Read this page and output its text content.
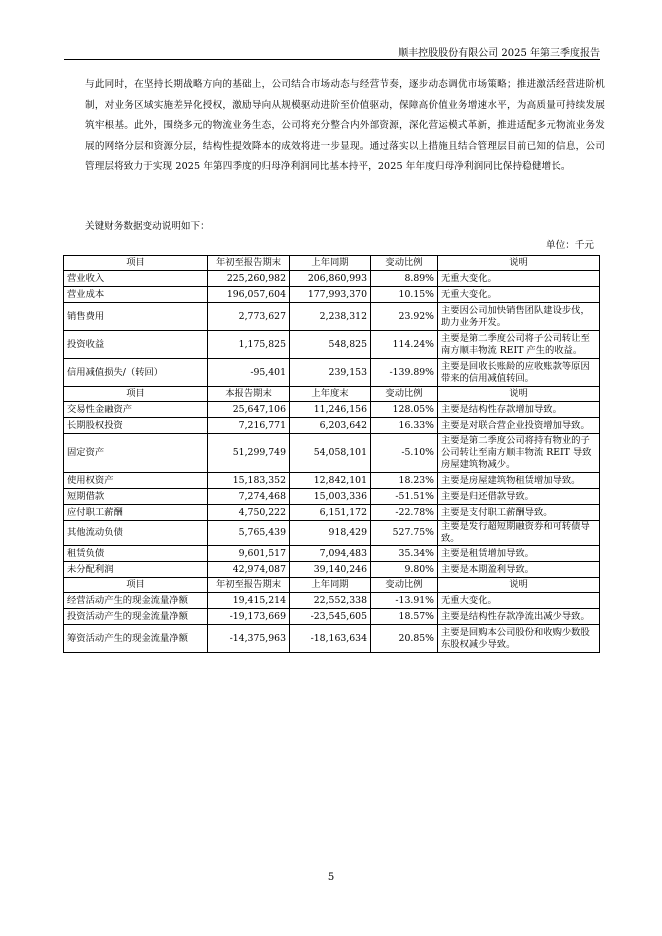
顺丰控股股份有限公司 2025 年第三季度报告

与此同时，在坚持长期战略方向的基础上，公司结合市场动态与经营节奏，逐步动态调优市场策略；推进激活经营进阶机制，对业务区域实施差异化授权，激励导向从规模驱动进阶至价值驱动，保障高价值业务增速水平，为高质量可持续发展筑牢根基。此外，围绕多元的物流业务生态，公司将充分整合内外部资源，深化营运模式革新，推进适配多元物流业务发展的网络分层和资源分层，结构性提效降本的成效将进一步显现。通过落实以上措施且结合管理层目前已知的信息，公司管理层将致力于实现 2025 年第四季度的归母净利润同比基本持平，2025 年年度归母净利润同比保持稳健增长。

关键财务数据变动说明如下：
单位：千元
项目	年初至报告期末	上年同期	变动比例	说明
营业收入	225,260,982	206,860,993	8.89%	无重大变化。
营业成本	196,057,604	177,993,370	10.15%	无重大变化。
销售费用	2,773,627	2,238,312	23.92%	主要因公司加快销售团队建设步伐，助力业务开发。
投资收益	1,175,825	548,825	114.24%	主要是第二季度公司将子公司转让至南方顺丰物流 REIT 产生的收益。
信用减值损失/（转回）	-95,401	239,153	-139.89%	主要是回收长账龄的应收账款等原因带来的信用减值转回。
项目	本报告期末	上年度末	变动比例	说明
交易性金融资产	25,647,106	11,246,156	128.05%	主要是结构性存款增加导致。
长期股权投资	7,216,771	6,203,642	16.33%	主要是对联合营企业投资增加导致。
固定资产	51,299,749	54,058,101	-5.10%	主要是第二季度公司将持有物业的子公司转让至南方顺丰物流 REIT 导致房屋建筑物减少。
使用权资产	15,183,352	12,842,101	18.23%	主要是房屋建筑物租赁增加导致。
短期借款	7,274,468	15,003,336	-51.51%	主要是归还借款导致。
应付职工薪酬	4,750,222	6,151,172	-22.78%	主要是支付职工薪酬导致。
其他流动负债	5,765,439	918,429	527.75%	主要是发行超短期融资券和可转债导致。
租赁负债	9,601,517	7,094,483	35.34%	主要是租赁增加导致。
未分配利润	42,974,087	39,140,246	9.80%	主要是本期盈利导致。
项目	年初至报告期末	上年同期	变动比例	说明
经营活动产生的现金流量净额	19,415,214	22,552,338	-13.91%	无重大变化。
投资活动产生的现金流量净额	-19,173,669	-23,545,605	18.57%	主要是结构性存款净流出减少导致。
筹资活动产生的现金流量净额	-14,375,963	-18,163,634	20.85%	主要是回购本公司股份和收购少数股东股权减少导致。
5
